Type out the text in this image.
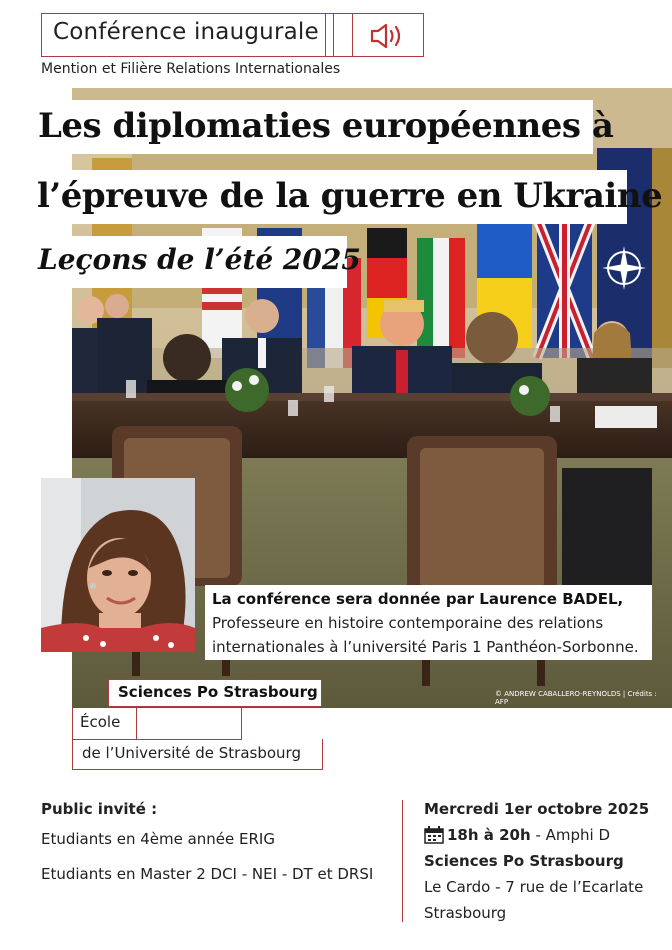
Conférence inaugurale
Mention et Filière Relations Internationales
Les diplomaties européennes à
l’épreuve de la guerre en Ukraine
Leçons de l’été 2025
© ANDREW CABALLERO-REYNOLDS | Crédits : AFP
La conférence sera donnée par Laurence BADEL,
Professeure en histoire contemporaine des relations
internationales à l’université Paris 1 Panthéon-Sorbonne.
Sciences Po Strasbourg
École
de l’Université de Strasbourg
Public invité :
Etudiants en 4ème année ERIG
Etudiants en Master 2 DCI - NEI - DT et DRSI
Mercredi 1er octobre 2025
18h à 20h - Amphi D
Sciences Po Strasbourg
Le Cardo - 7 rue de l’Ecarlate
Strasbourg
